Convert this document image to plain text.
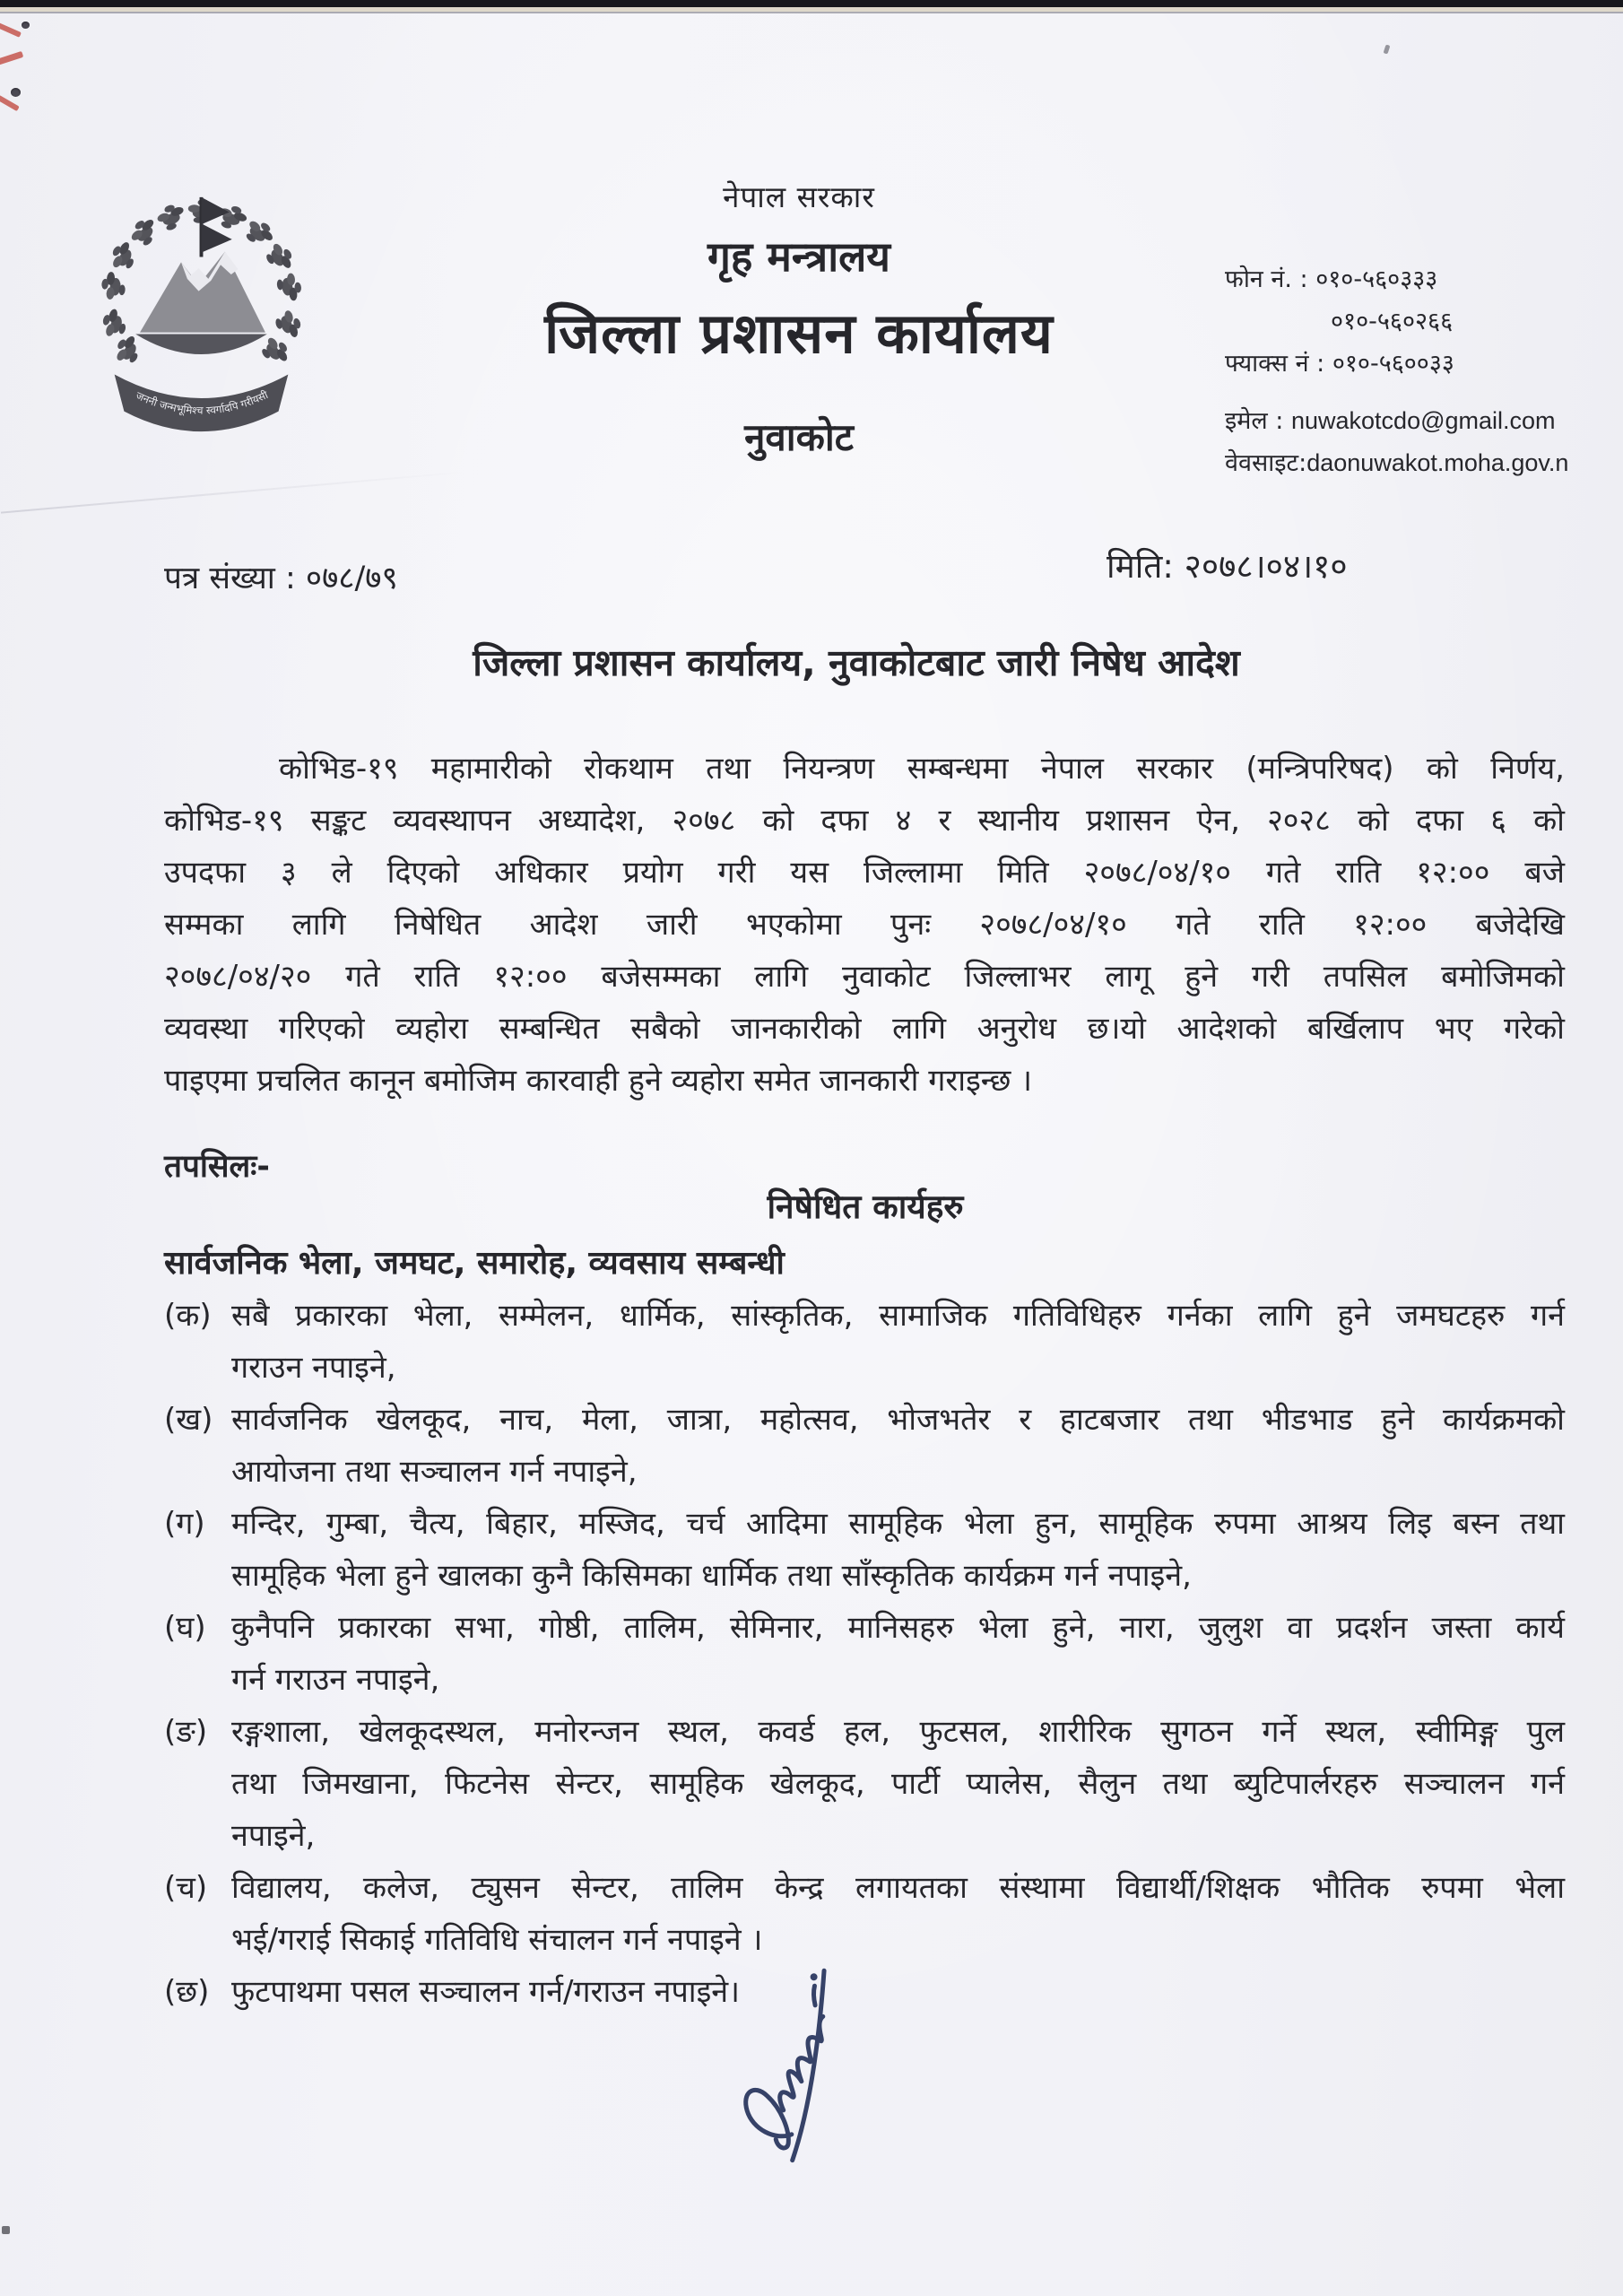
जननी जन्मभूमिश्च स्वर्गादपि गरीयसी
नेपाल सरकार
गृह मन्त्रालय
जिल्ला प्रशासन कार्यालय
नुवाकोट
फोन नं. : ०१०-५६०३३३
०१०-५६०२६६
फ्याक्स नं : ०१०-५६००३३
इमेल : nuwakotcdo@gmail.com
वेवसाइट:daonuwakot.moha.gov.n
पत्र संख्या : ०७८/७९	मिति: २०७८।०४।१०
जिल्ला प्रशासन कार्यालय, नुवाकोटबाट जारी निषेध आदेश
कोभिड-१९ महामारीको रोकथाम तथा नियन्त्रण सम्बन्धमा नेपाल सरकार (मन्त्रिपरिषद) को निर्णय,
कोभिड-१९ सङ्कट व्यवस्थापन अध्यादेश, २०७८ को दफा ४ र स्थानीय प्रशासन ऐन, २०२८ को दफा ६ को
उपदफा ३ ले दिएको अधिकार प्रयोग गरी यस जिल्लामा मिति २०७८/०४/१० गते राति १२:०० बजे
सम्मका लागि निषेधित आदेश जारी भएकोमा पुनः २०७८/०४/१० गते राति १२:०० बजेदेखि
२०७८/०४/२० गते राति १२:०० बजेसम्मका लागि नुवाकोट जिल्लाभर लागू हुने गरी तपसिल बमोजिमको
व्यवस्था गरिएको व्यहोरा सम्बन्धित सबैको जानकारीको लागि अनुरोध छ।यो आदेशको बर्खिलाप भए गरेको
पाइएमा प्रचलित कानून बमोजिम कारवाही हुने व्यहोरा समेत जानकारी गराइन्छ ।
तपसिलः-
निषेधित कार्यहरु
सार्वजनिक भेला, जमघट, समारोह, व्यवसाय सम्बन्धी
(क) सबै प्रकारका भेला, सम्मेलन, धार्मिक, सांस्कृतिक, सामाजिक गतिविधिहरु गर्नका लागि हुने जमघटहरु गर्न
गराउन नपाइने,
(ख) सार्वजनिक खेलकूद, नाच, मेला, जात्रा, महोत्सव, भोजभतेर र हाटबजार तथा भीडभाड हुने कार्यक्रमको
आयोजना तथा सञ्चालन गर्न नपाइने,
(ग) मन्दिर, गुम्बा, चैत्य, बिहार, मस्जिद, चर्च आदिमा सामूहिक भेला हुन, सामूहिक रुपमा आश्रय लिइ बस्न तथा
सामूहिक भेला हुने खालका कुनै किसिमका धार्मिक तथा साँस्कृतिक कार्यक्रम गर्न नपाइने,
(घ) कुनैपनि प्रकारका सभा, गोष्ठी, तालिम, सेमिनार, मानिसहरु भेला हुने, नारा, जुलुश वा प्रदर्शन जस्ता कार्य
गर्न गराउन नपाइने,
(ङ) रङ्गशाला, खेलकूदस्थल, मनोरन्जन स्थल, कवर्ड हल, फुटसल, शारीरिक सुगठन गर्ने स्थल, स्वीमिङ्ग पुल
तथा जिमखाना, फिटनेस सेन्टर, सामूहिक खेलकूद, पार्टी प्यालेस, सैलुन तथा ब्युटिपार्लरहरु सञ्चालन गर्न
नपाइने,
(च) विद्यालय, कलेज, ट्युसन सेन्टर, तालिम केन्द्र लगायतका संस्थामा विद्यार्थी/शिक्षक भौतिक रुपमा भेला
भई/गराई सिकाई गतिविधि संचालन गर्न नपाइने ।
(छ) फुटपाथमा पसल सञ्चालन गर्न/गराउन नपाइने।
